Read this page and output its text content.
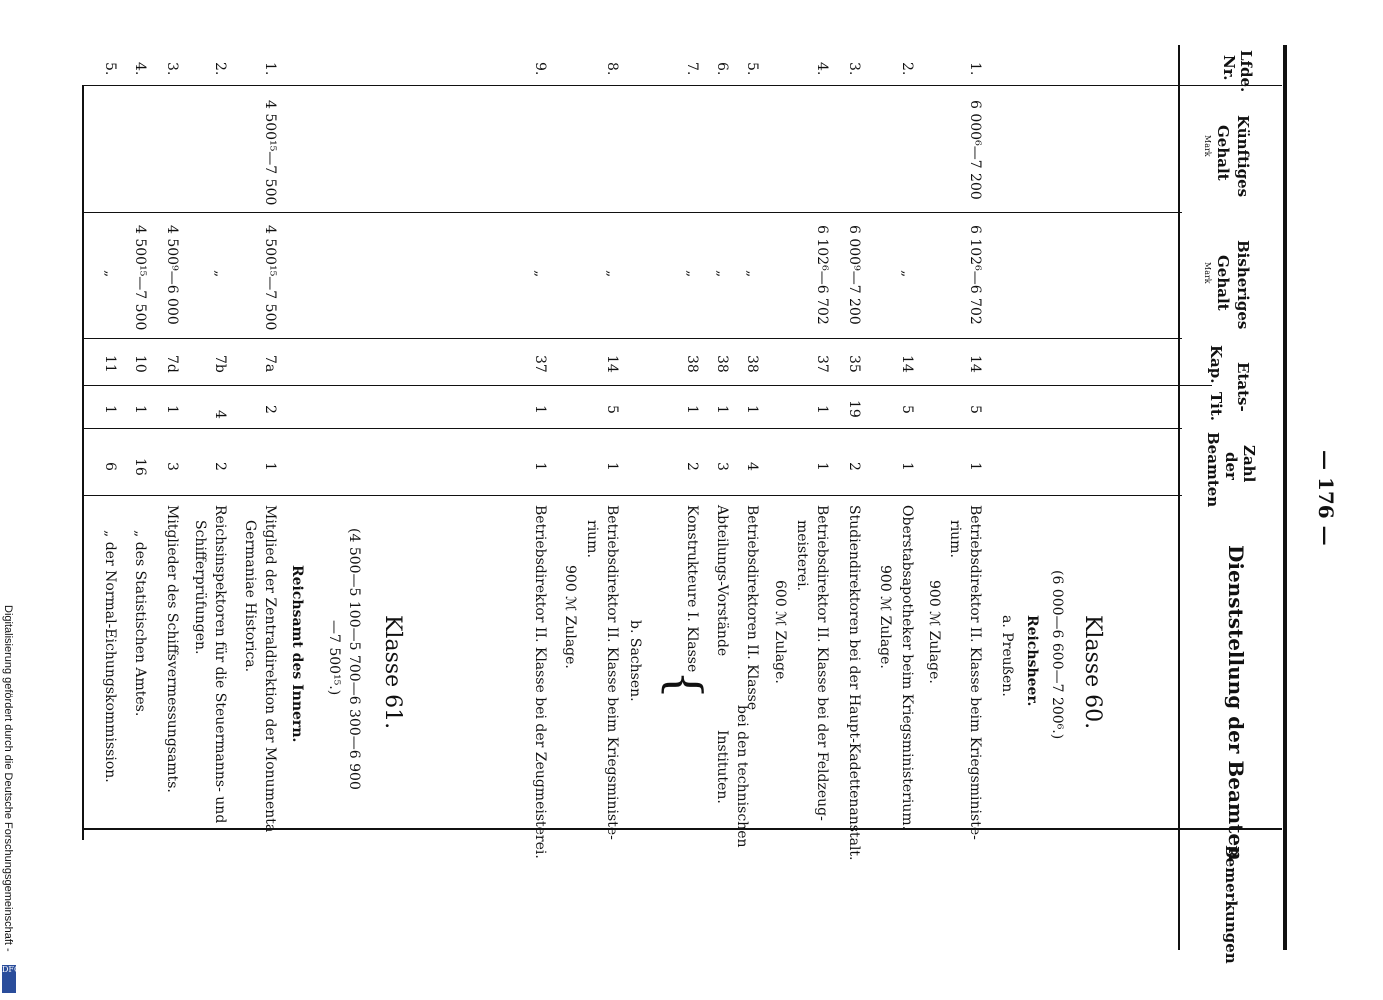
— 176 —
Lfde.
Nr.
Künftiges
Gehalt
Mark
Bisheriges
Gehalt
Mark
Etats-
Kap.
Tit.
Zahl
der
Beamten
Dienststellung der Beamten
Bemerkungen
Klasse 60.
(6 000—6 600—7 200⁶.)
Reichsheer.
a. Preußen.
b. Sachsen.
Klasse 61.
(4 500—5 100—5 700—6 300—6 900
—7 500¹⁵.)
Reichsamt des Innern.
1.
6 000⁶—7 200
6 102⁶—6 702
14
5
1
Betriebsdirektor II. Klasse beim Kriegsministe-
rium.
900 ℳ Zulage.
2.
„
14
5
1
Oberstabsapotheker beim Kriegsministerium.
900 ℳ Zulage.
3.
6 000⁹—7 200
35
19
2
Studiendirektoren bei der Haupt-Kadettenanstalt.
4.
6 102⁶—6 702
37
1
1
Betriebsdirektor II. Klasse bei der Feldzeug-
meisterei.
600 ℳ Zulage.
5.
„
38
1
4
Betriebsdirektoren II. Klasse
6.
„
38
1
3
Abteilungs-Vorstände
7.
„
38
1
2
Konstrukteure I. Klasse
{
bei den technischen
Instituten.
8.
„
14
5
1
Betriebsdirektor II. Klasse beim Kriegsministe-
rium.
900 ℳ Zulage.
9.
„
37
1
1
Betriebsdirektor II. Klasse bei der Zeugmeisterei.
1.
4 500¹⁵—7 500
4 500¹⁵—7 500
7a
2
1
Mitglied der Zentraldirektion der Monumenta
Germaniae Historica.
2.
„
7b
4
2
Reichsinspektoren für die Steuermanns- und
Schifferprüfungen.
3.
4 500⁹—6 000
7d
1
3
Mitglieder des Schiffsvermessungsamts.
4.
4 500¹⁵—7 500
10
1
16
„ des Statistischen Amtes.
5.
„
11
1
6
„ der Normal-Eichungskommission.
Digitalisierung gefördert durch die Deutsche Forschungsgemeinschaft -
DFG
